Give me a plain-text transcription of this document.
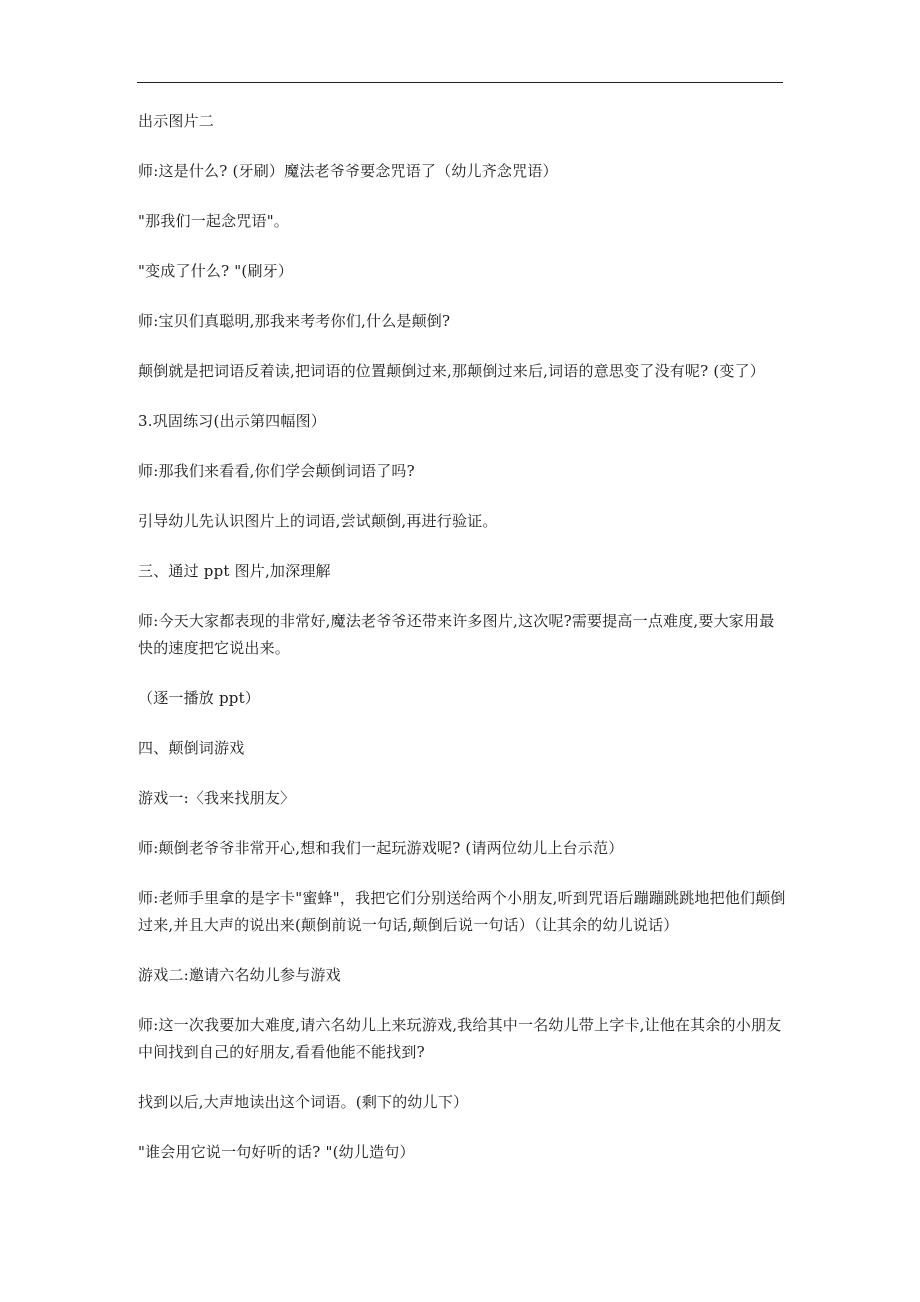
出示图片二

师:这是什么? (牙刷）魔法老爷爷要念咒语了（幼儿齐念咒语）

"那我们一起念咒语"。

"变成了什么? "(刷牙）

师:宝贝们真聪明,那我来考考你们,什么是颠倒?

颠倒就是把词语反着读,把词语的位置颠倒过来,那颠倒过来后,词语的意思变了没有呢? (变了）

3.巩固练习(出示第四幅图）

师:那我们来看看,你们学会颠倒词语了吗?

引导幼儿先认识图片上的词语,尝试颠倒,再进行验证。

三、通过 ppt 图片,加深理解

师:今天大家都表现的非常好,魔法老爷爷还带来许多图片,这次呢?需要提高一点难度,要大家用最快的速度把它说出来。

（逐一播放 ppt）

四、颠倒词游戏

游戏一:〈我来找朋友〉

师:颠倒老爷爷非常开心,想和我们一起玩游戏呢? (请两位幼儿上台示范）

师:老师手里拿的是字卡"蜜蜂"，我把它们分别送给两个小朋友,听到咒语后蹦蹦跳跳地把他们颠倒过来,并且大声的说出来(颠倒前说一句话,颠倒后说一句话）（让其余的幼儿说话）

游戏二:邀请六名幼儿参与游戏

师:这一次我要加大难度,请六名幼儿上来玩游戏,我给其中一名幼儿带上字卡,让他在其余的小朋友中间找到自己的好朋友,看看他能不能找到?

找到以后,大声地读出这个词语。(剩下的幼儿下）

"谁会用它说一句好听的话? "(幼儿造句）
